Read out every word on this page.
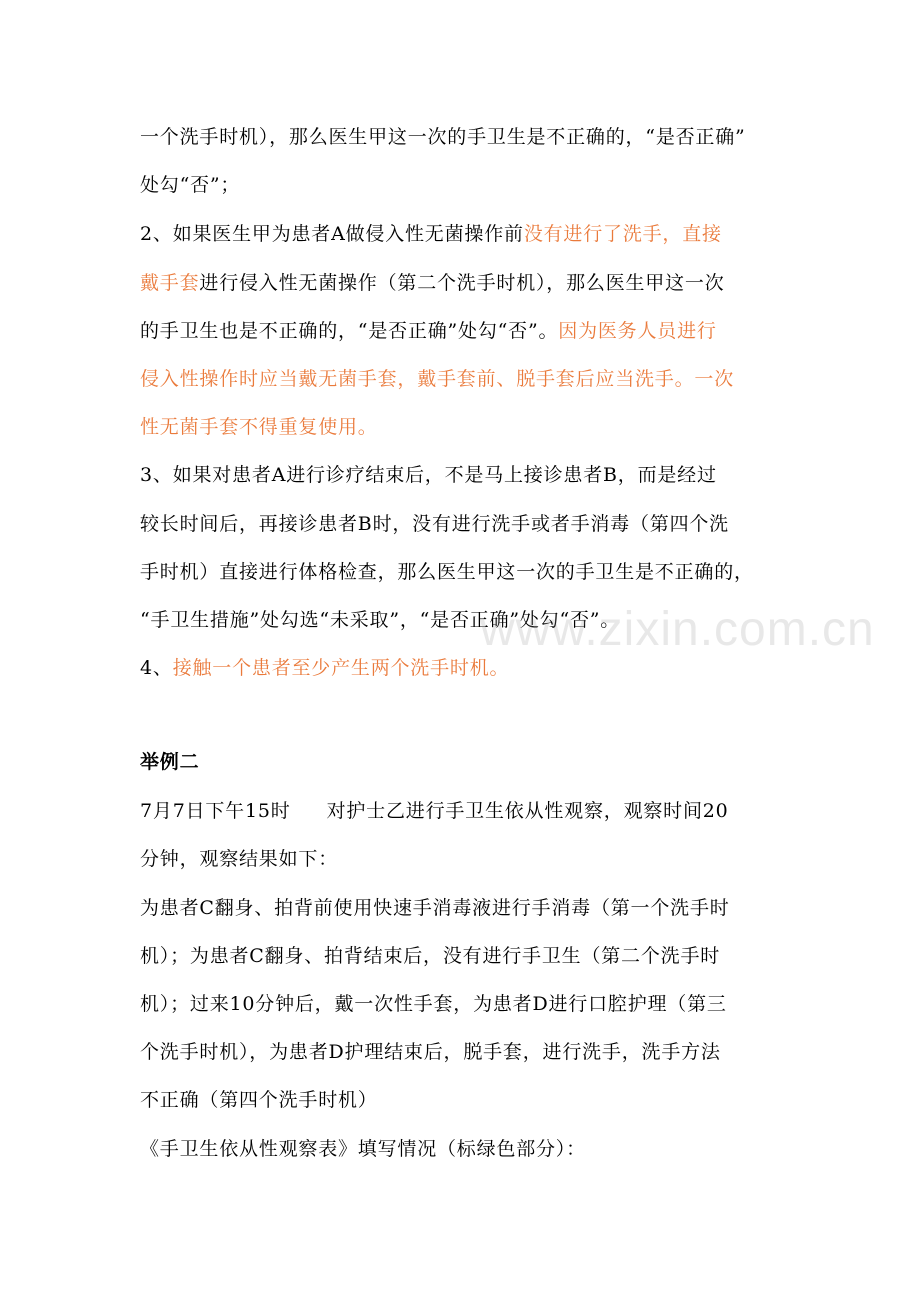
一个洗手时机），那么医生甲这一次的手卫生是不正确的，“是否正确”
处勾“否”；
2、如果医生甲为患者A做侵入性无菌操作前没有进行了洗手，直接
戴手套进行侵入性无菌操作（第二个洗手时机），那么医生甲这一次
的手卫生也是不正确的，“是否正确”处勾“否”。因为医务人员进行
侵入性操作时应当戴无菌手套，戴手套前、脱手套后应当洗手。一次
性无菌手套不得重复使用。
3、如果对患者A进行诊疗结束后，不是马上接诊患者B，而是经过
较长时间后，再接诊患者B时，没有进行洗手或者手消毒（第四个洗
手时机）直接进行体格检查，那么医生甲这一次的手卫生是不正确的，
“手卫生措施”处勾选“未采取”，“是否正确”处勾“否”。
4、接触一个患者至少产生两个洗手时机。
举例二
7月7日下午15时 对护士乙进行手卫生依从性观察，观察时间20
分钟，观察结果如下：
为患者C翻身、拍背前使用快速手消毒液进行手消毒（第一个洗手时
机）；为患者C翻身、拍背结束后，没有进行手卫生（第二个洗手时
机）；过来10分钟后，戴一次性手套，为患者D进行口腔护理（第三
个洗手时机），为患者D护理结束后，脱手套，进行洗手，洗手方法
不正确（第四个洗手时机）
《手卫生依从性观察表》填写情况（标绿色部分）：
www.zixin.com.cn
